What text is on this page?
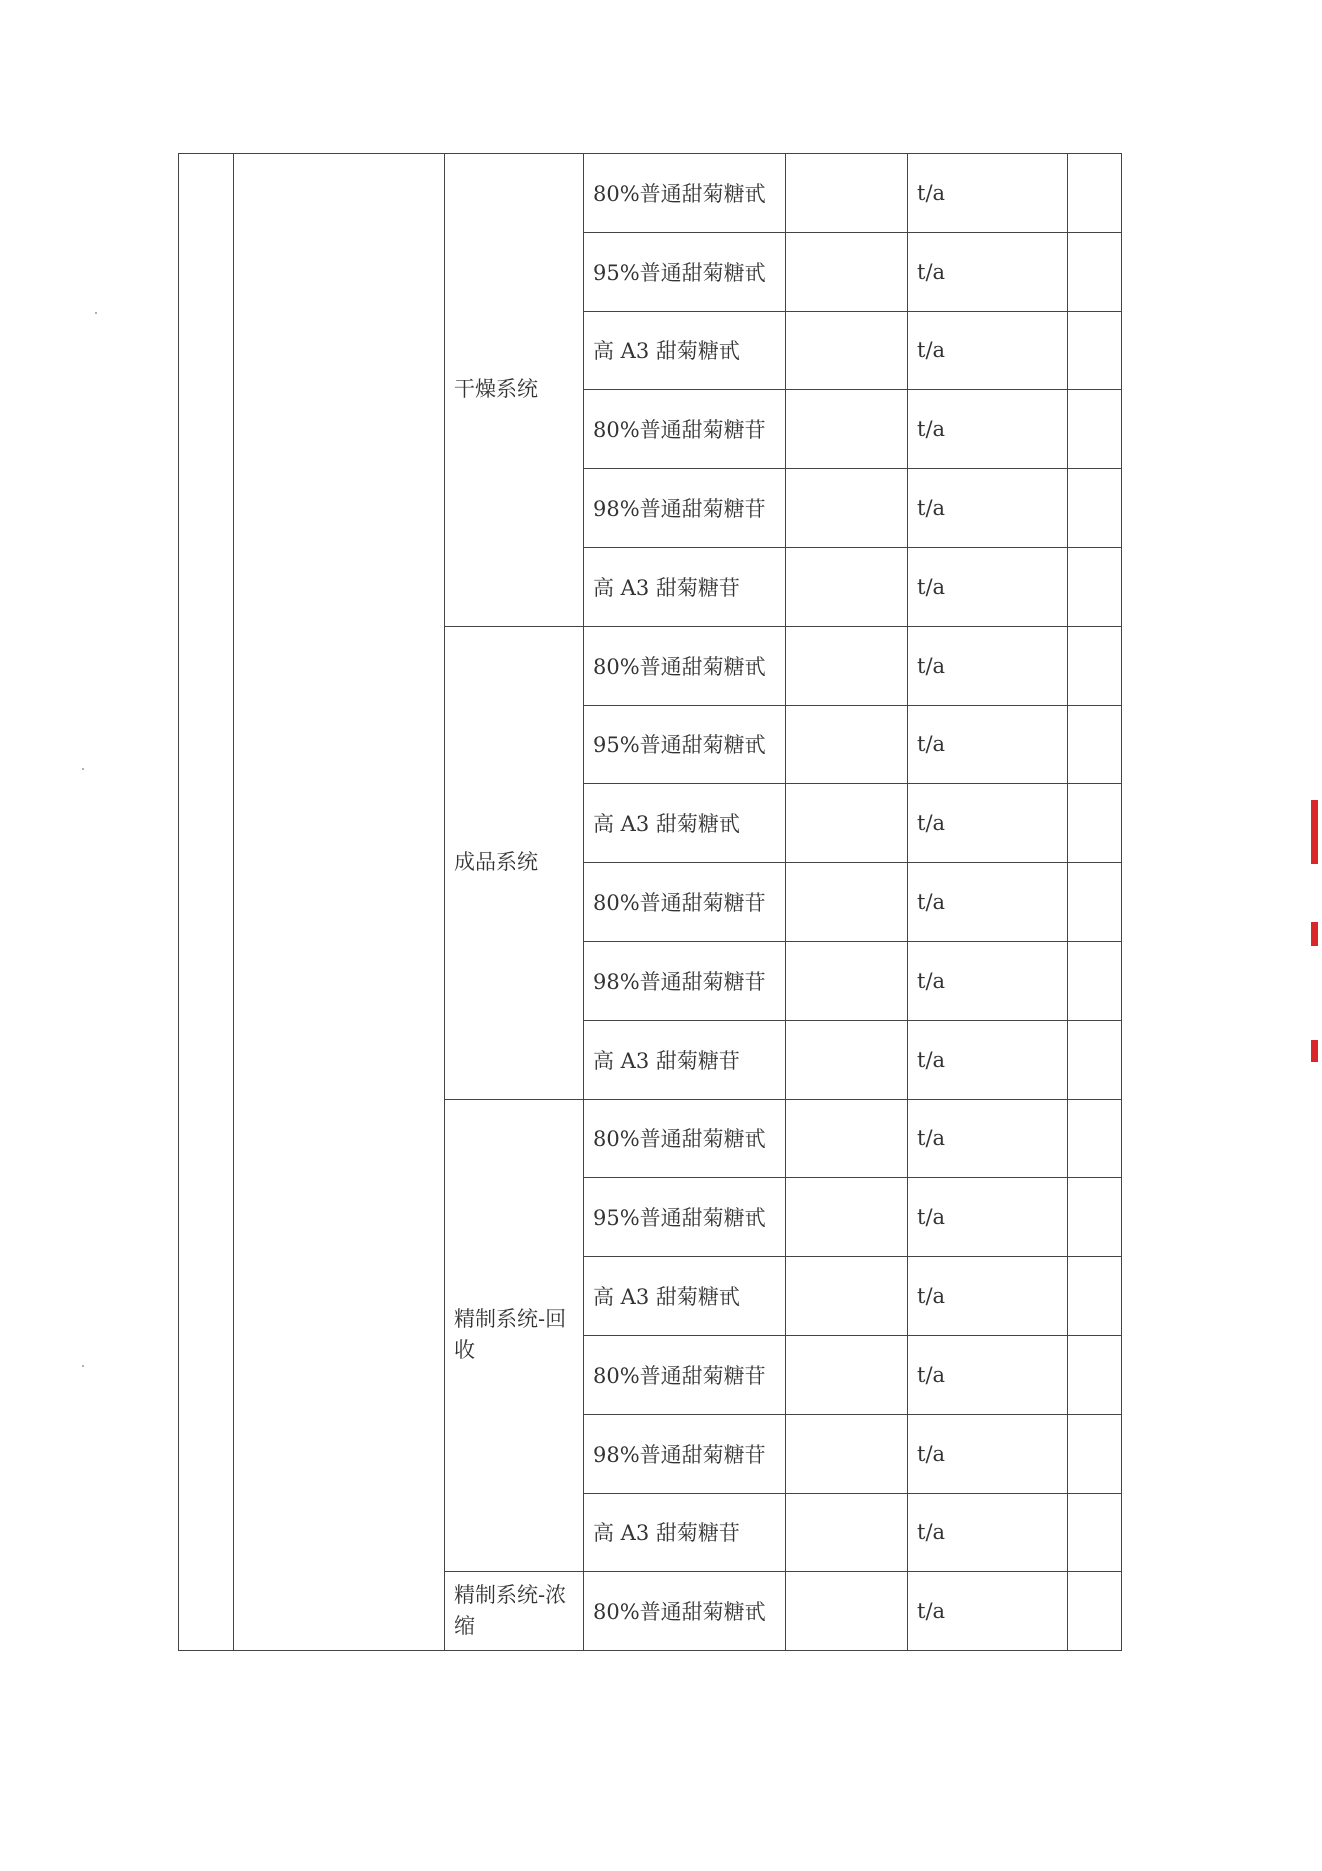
		干燥系统	80%普通甜菊糖甙		t/a	
			95%普通甜菊糖甙		t/a	
			高 A3 甜菊糖甙		t/a	
			80%普通甜菊糖苷		t/a	
			98%普通甜菊糖苷		t/a	
			高 A3 甜菊糖苷		t/a	
		成品系统	80%普通甜菊糖甙		t/a	
			95%普通甜菊糖甙		t/a	
			高 A3 甜菊糖甙		t/a	
			80%普通甜菊糖苷		t/a	
			98%普通甜菊糖苷		t/a	
			高 A3 甜菊糖苷		t/a	
		精制系统-回收	80%普通甜菊糖甙		t/a	
			95%普通甜菊糖甙		t/a	
			高 A3 甜菊糖甙		t/a	
			80%普通甜菊糖苷		t/a	
			98%普通甜菊糖苷		t/a	
			高 A3 甜菊糖苷		t/a	
		精制系统-浓缩	80%普通甜菊糖甙		t/a	
